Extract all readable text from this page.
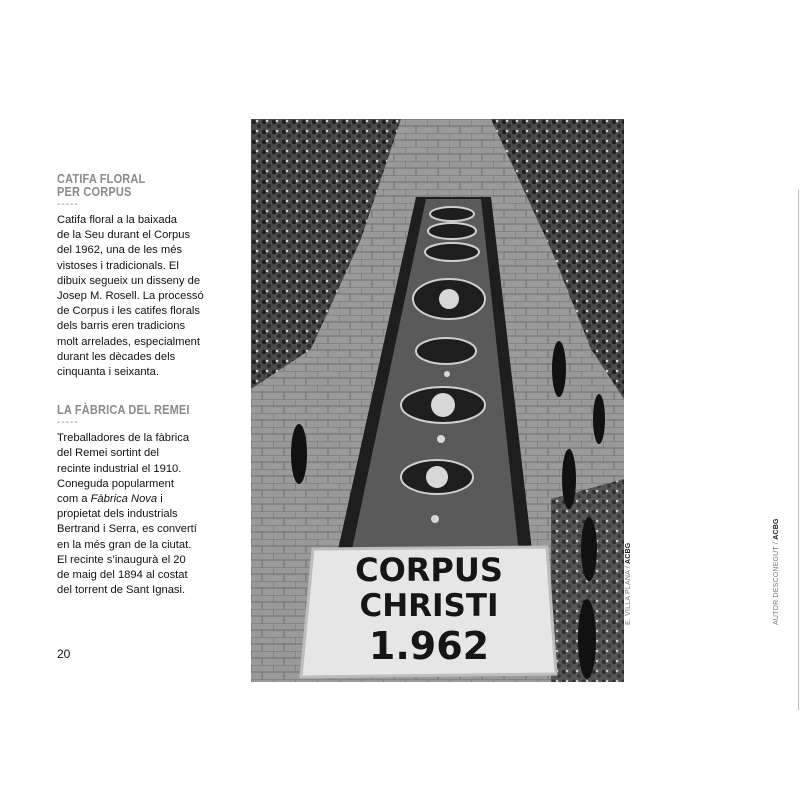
CATIFA FLORAL
PER CORPUS
-----
Catifa floral a la baixada
de la Seu durant el Corpus
del 1962, una de les més
vistoses i tradicionals. El
dibuix segueix un disseny de
Josep M. Rosell. La processó
de Corpus i les catifes florals
dels barris eren tradicions
molt arrelades, especialment
durant les dècades dels
cinquanta i seixanta.
LA FÀBRICA DEL REMEI
-----
Treballadores de la fàbrica
del Remei sortint del
recinte industrial el 1910.
Coneguda popularment
com a Fàbrica Nova i
propietat dels industrials
Bertrand i Serra, es convertí
en la més gran de la ciutat.
El recinte s’inaugurà el 20
de maig del 1894 al costat
del torrent de Sant Ignasi.
20
CORPUS
CHRISTI
1.962
E. VILLA PLANA / ACBG	AUTOR DESCONEGUT / ACBG
